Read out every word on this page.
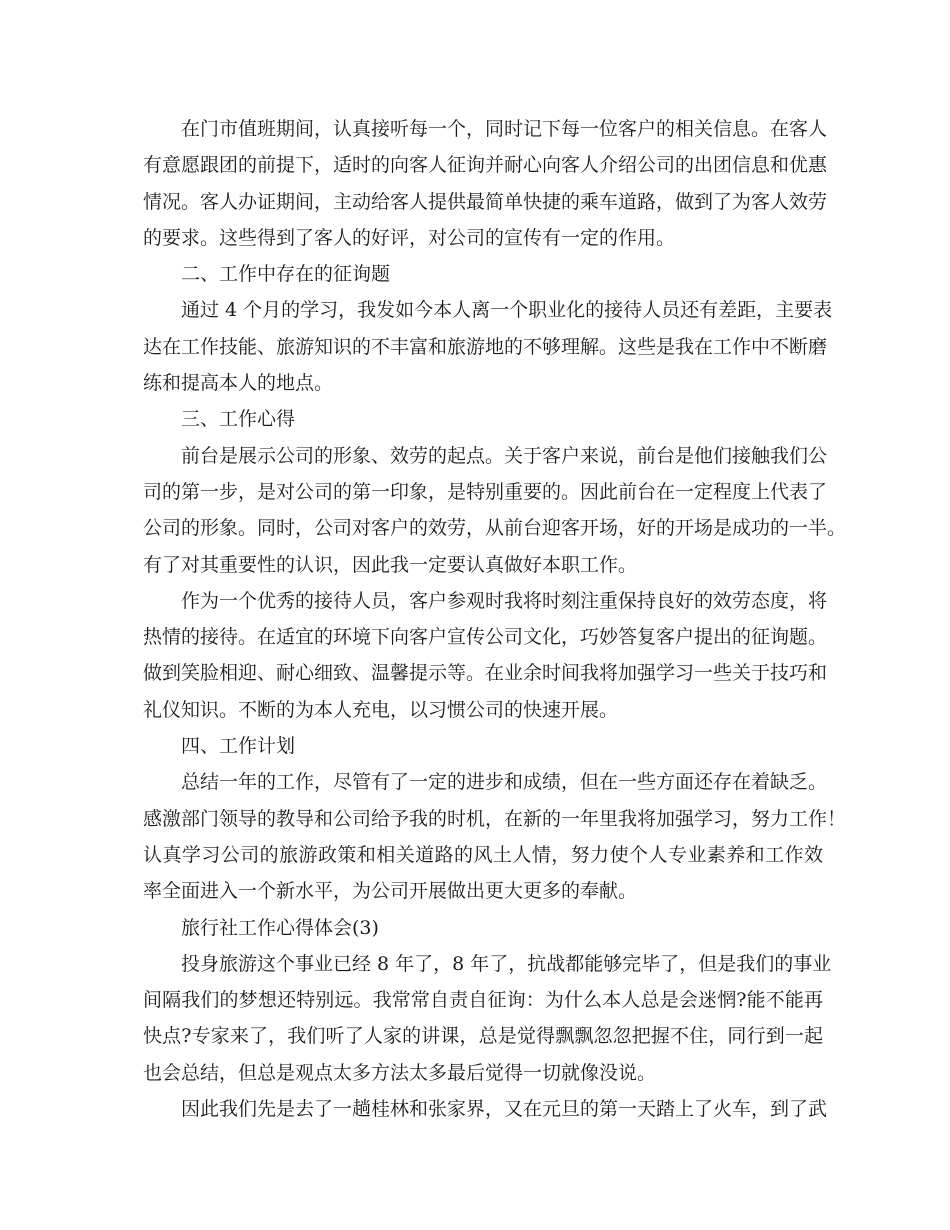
在门市值班期间，认真接听每一个，同时记下每一位客户的相关信息。在客人
有意愿跟团的前提下，适时的向客人征询并耐心向客人介绍公司的出团信息和优惠
情况。客人办证期间，主动给客人提供最简单快捷的乘车道路，做到了为客人效劳
的要求。这些得到了客人的好评，对公司的宣传有一定的作用。
二、工作中存在的征询题
通过 4 个月的学习，我发如今本人离一个职业化的接待人员还有差距，主要表
达在工作技能、旅游知识的不丰富和旅游地的不够理解。这些是我在工作中不断磨
练和提高本人的地点。
三、工作心得
前台是展示公司的形象、效劳的起点。关于客户来说，前台是他们接触我们公
司的第一步，是对公司的第一印象，是特别重要的。因此前台在一定程度上代表了
公司的形象。同时，公司对客户的效劳，从前台迎客开场，好的开场是成功的一半。
有了对其重要性的认识，因此我一定要认真做好本职工作。
作为一个优秀的接待人员，客户参观时我将时刻注重保持良好的效劳态度，将
热情的接待。在适宜的环境下向客户宣传公司文化，巧妙答复客户提出的征询题。
做到笑脸相迎、耐心细致、温馨提示等。在业余时间我将加强学习一些关于技巧和
礼仪知识。不断的为本人充电，以习惯公司的快速开展。
四、工作计划
总结一年的工作，尽管有了一定的进步和成绩，但在一些方面还存在着缺乏。
感激部门领导的教导和公司给予我的时机，在新的一年里我将加强学习，努力工作！
认真学习公司的旅游政策和相关道路的风土人情，努力使个人专业素养和工作效
率全面进入一个新水平，为公司开展做出更大更多的奉献。
旅行社工作心得体会(3)
投身旅游这个事业已经 8 年了，8 年了，抗战都能够完毕了，但是我们的事业
间隔我们的梦想还特别远。我常常自责自征询：为什么本人总是会迷惘?能不能再
快点?专家来了，我们听了人家的讲课，总是觉得飘飘忽忽把握不住，同行到一起
也会总结，但总是观点太多方法太多最后觉得一切就像没说。
因此我们先是去了一趟桂林和张家界，又在元旦的第一天踏上了火车，到了武
